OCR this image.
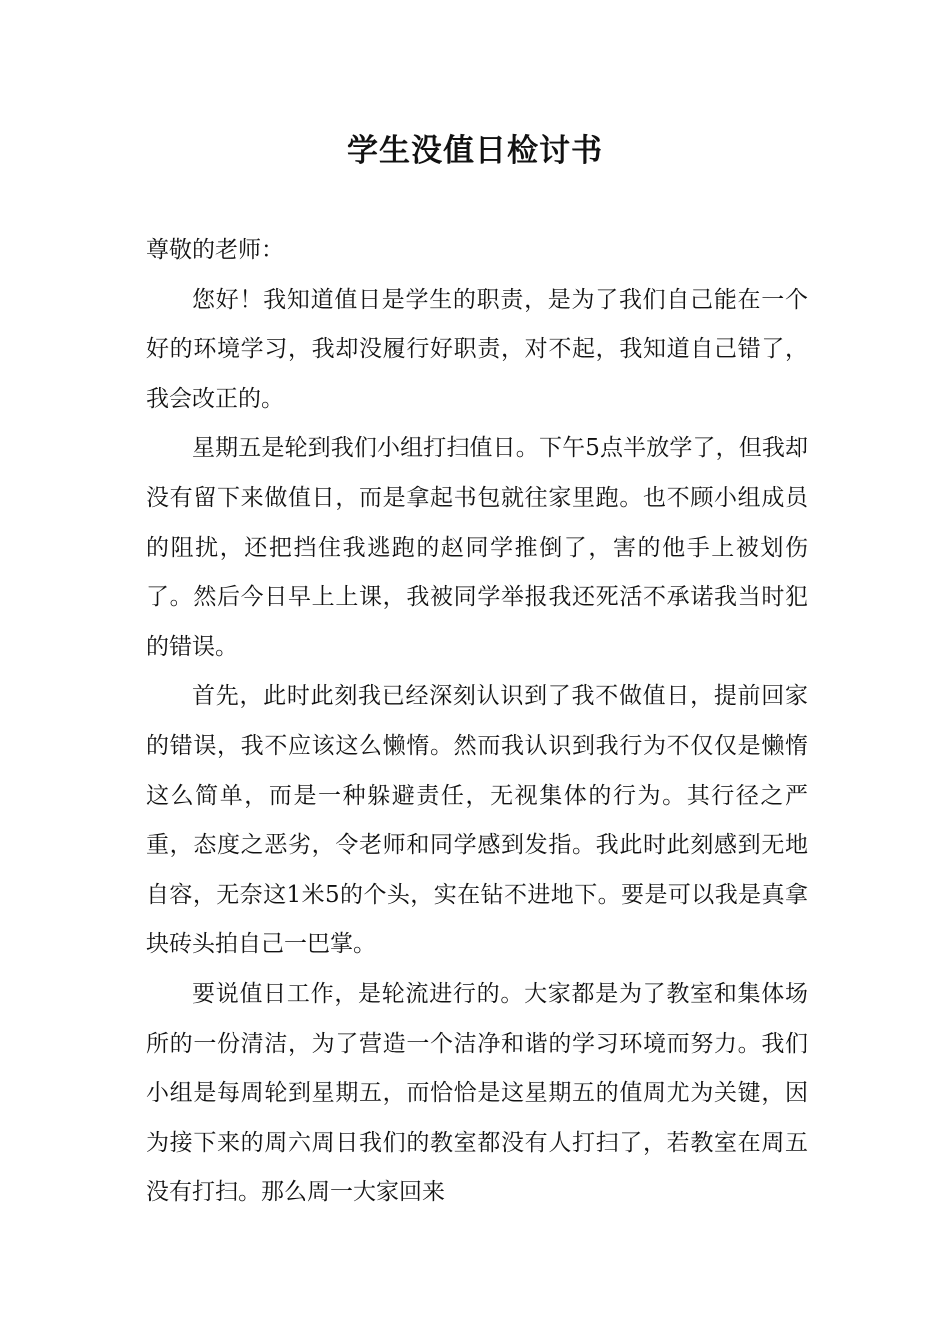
学生没值日检讨书

尊敬的老师：

您好！我知道值日是学生的职责，是为了我们自己能在一个好的环境学习，我却没履行好职责，对不起，我知道自己错了，我会改正的。

星期五是轮到我们小组打扫值日。下午5点半放学了，但我却没有留下来做值日，而是拿起书包就往家里跑。也不顾小组成员的阻扰，还把挡住我逃跑的赵同学推倒了，害的他手上被划伤了。然后今日早上上课，我被同学举报我还死活不承诺我当时犯的错误。

首先，此时此刻我已经深刻认识到了我不做值日，提前回家的错误，我不应该这么懒惰。然而我认识到我行为不仅仅是懒惰这么简单，而是一种躲避责任，无视集体的行为。其行径之严重，态度之恶劣，令老师和同学感到发指。我此时此刻感到无地自容，无奈这1米5的个头，实在钻不进地下。要是可以我是真拿块砖头拍自己一巴掌。

要说值日工作，是轮流进行的。大家都是为了教室和集体场所的一份清洁，为了营造一个洁净和谐的学习环境而努力。我们小组是每周轮到星期五，而恰恰是这星期五的值周尤为关键，因为接下来的周六周日我们的教室都没有人打扫了，若教室在周五没有打扫。那么周一大家回来
